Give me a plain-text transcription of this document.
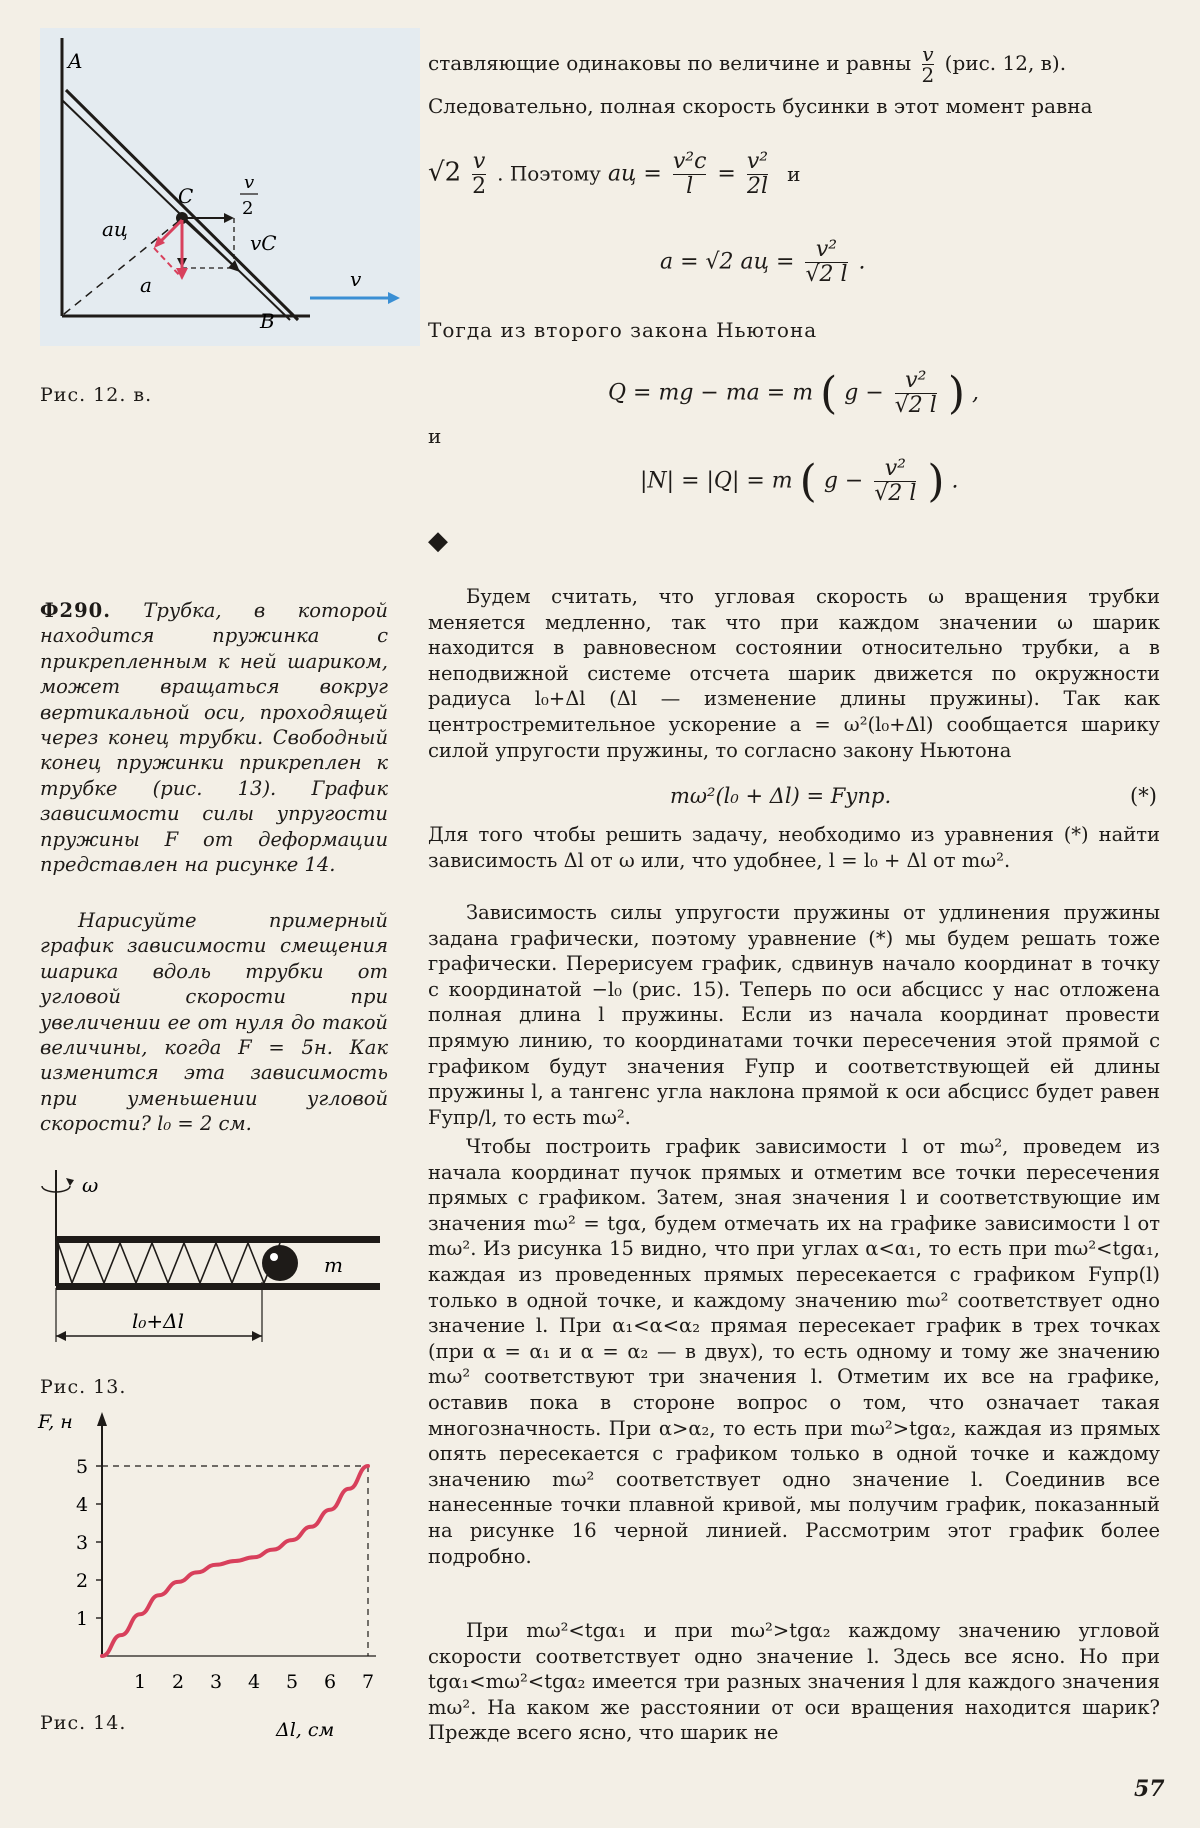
A
B
C
v
2
aц
vC
a	v
Рис. 12. в.
ставляющие одинаковы по величине и равны $\frac{v}{2} (рис$. 12, в).
Следовательно, полная скорость бусинки в этот момент равна
$√2 \frac{v}{2}$ . Поэтому aц = $\frac{\text{v²c}}{l} = \frac{\text{v²}}{2l}$ и
a = √2 aц = $\frac{\text{v²}}{√2 l}$ .
Тогда из второго закона Ньютона
Q = mg − ma = m ( $g - \frac{\text{v²}}{√2 l}$ ) ,
и
|N| = |Q| = m ( $g - \frac{\text{v²}}{√2 l}$ ) .
◆
Ф290. Трубка, в которой находится пружинка с прикрепленным к ней шариком, может вращаться вокруг вертикальной оси, проходящей через конец трубки. Свободный конец пружинки прикреплен к трубке (рис. 13). График зависимости силы упругости пружины F от деформации представлен на рисунке 14.
Нарисуйте примерный график зависимости смещения шарика вдоль трубки от угловой скорости при увеличении ее от нуля до такой величины, когда F = 5н. Как изменится эта зависимость при уменьшении угловой скорости? l₀ = 2 см.
ω
m
l₀+Δl
Рис. 13.
F, н
Δl, см
1
2
3
4
5
1 2 3 4 5 6 7
Рис. 14.
Будем считать, что угловая скорость ω вращения трубки меняется медленно, так что при каждом значении ω шарик находится в равновесном состоянии относительно трубки, а в неподвижной системе отсчета шарик движется по окружности радиуса l₀+Δl (Δl — изменение длины пружины). Так как центростремительное ускорение a = ω²(l₀+Δl) сообщается шарику силой упругости пружины, то согласно закону Ньютона
mω²(l₀ + Δl) = Fупр.	(*)
Для того чтобы решить задачу, необходимо из уравнения (*) найти зависимость Δl от ω или, что удобнее, l = l₀ + Δl от mω².
Зависимость силы упругости пружины от удлинения пружины задана графически, поэтому уравнение (*) мы будем решать тоже графически. Перерисуем график, сдвинув начало координат в точку с координатой −l₀ (рис. 15). Теперь по оси абсцисс у нас отложена полная длина l пружины. Если из начала координат провести прямую линию, то координатами точки пересечения этой прямой с графиком будут значения Fупр и соответствующей ей длины пружины l, а тангенс угла наклона прямой к оси абсцисс будет равен Fупр/l, то есть mω².
Чтобы построить график зависимости l от mω², проведем из начала координат пучок прямых и отметим все точки пересечения прямых с графиком. Затем, зная значения l и соответствующие им значения mω² = tgα, будем отмечать их на графике зависимости l от mω². Из рисунка 15 видно, что при углах α<α₁, то есть при mω²<tgα₁, каждая из проведенных прямых пересекается с графиком Fупр(l) только в одной точке, и каждому значению mω² соответствует одно значение l. При α₁<α<α₂ прямая пересекает график в трех точках (при α = α₁ и α = α₂ — в двух), то есть одному и тому же значению mω² соответствуют три значения l. Отметим их все на графике, оставив пока в стороне вопрос о том, что означает такая многозначность. При α>α₂, то есть при mω²>tgα₂, каждая из прямых опять пересекается с графиком только в одной точке и каждому значению mω² соответствует одно значение l. Соединив все нанесенные точки плавной кривой, мы получим график, показанный на рисунке 16 черной линией. Рассмотрим этот график более подробно.
При mω²<tgα₁ и при mω²>tgα₂ каждому значению угловой скорости соответствует одно значение l. Здесь все ясно. Но при tgα₁<mω²<tgα₂ имеется три разных значения l для каждого значения mω². На каком же расстоянии от оси вращения находится шарик? Прежде всего ясно, что шарик не
57
